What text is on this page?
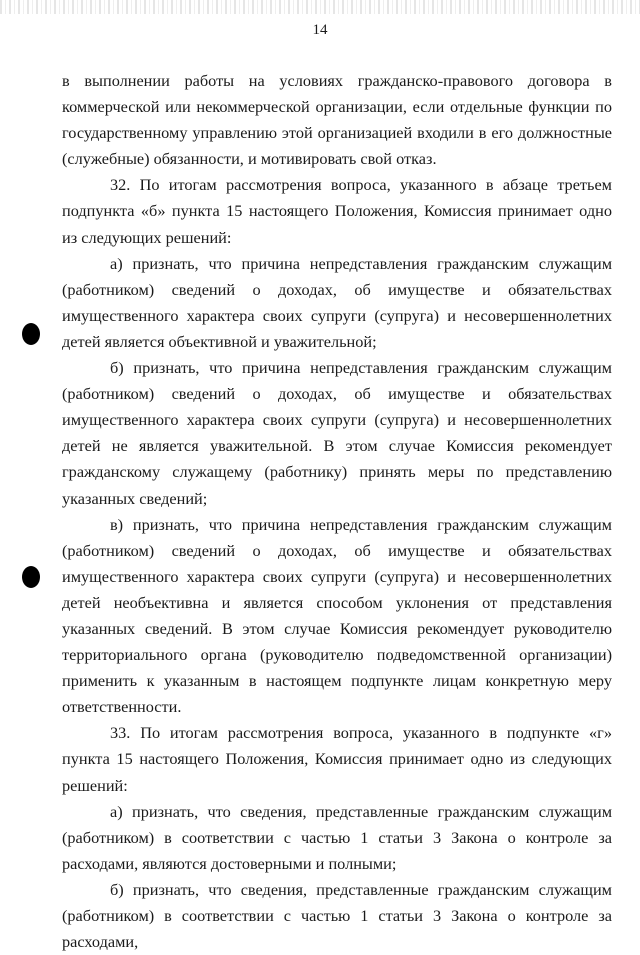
14

в выполнении работы на условиях гражданско-правового договора в коммерческой или некоммерческой организации, если отдельные функции по государственному управлению этой организацией входили в его должностные (служебные) обязанности, и мотивировать свой отказ.

32. По итогам рассмотрения вопроса, указанного в абзаце третьем подпункта «б» пункта 15 настоящего Положения, Комиссия принимает одно из следующих решений:

а) признать, что причина непредставления гражданским служащим (работником) сведений о доходах, об имуществе и обязательствах имущественного характера своих супруги (супруга) и несовершеннолетних детей является объективной и уважительной;

б) признать, что причина непредставления гражданским служащим (работником) сведений о доходах, об имуществе и обязательствах имущественного характера своих супруги (супруга) и несовершеннолетних детей не является уважительной. В этом случае Комиссия рекомендует гражданскому служащему (работнику) принять меры по представлению указанных сведений;

в) признать, что причина непредставления гражданским служащим (работником) сведений о доходах, об имуществе и обязательствах имущественного характера своих супруги (супруга) и несовершеннолетних детей необъективна и является способом уклонения от представления указанных сведений. В этом случае Комиссия рекомендует руководителю территориального органа (руководителю подведомственной организации) применить к указанным в настоящем подпункте лицам конкретную меру ответственности.

33. По итогам рассмотрения вопроса, указанного в подпункте «г» пункта 15 настоящего Положения, Комиссия принимает одно из следующих решений:

а) признать, что сведения, представленные гражданским служащим (работником) в соответствии с частью 1 статьи 3 Закона о контроле за расходами, являются достоверными и полными;

б) признать, что сведения, представленные гражданским служащим (работником) в соответствии с частью 1 статьи 3 Закона о контроле за расходами,
